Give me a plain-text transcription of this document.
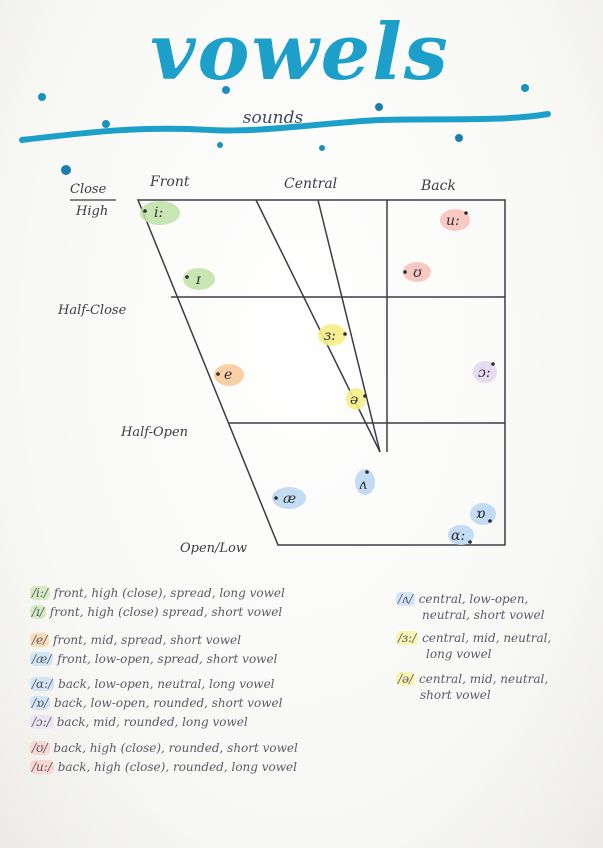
vowels
sounds
Front	Central	Back
Close
High
Half-Close
Half-Open
Open/Low
i:
ɪ
e
æ
ʌ
ɜ:
ə
u:
ʊ
ɔ:
ɒ
ɑ:
/i:/ front, high (close), spread, long vowel
/ɪ/ front, high (close) spread, short vowel
/e/ front, mid, spread, short vowel
/æ/ front, low-open, spread, short vowel
/ɑ:/ back, low-open, neutral, long vowel
/ɒ/ back, low-open, rounded, short vowel
/ɔ:/ back, mid, rounded, long vowel
/ʊ/ back, high (close), rounded, short vowel
/u:/ back, high (close), rounded, long vowel
/ʌ/ central, low-open,
neutral, short vowel
/ɜ:/ central, mid, neutral,
long vowel
/ə/ central, mid, neutral,
short vowel
